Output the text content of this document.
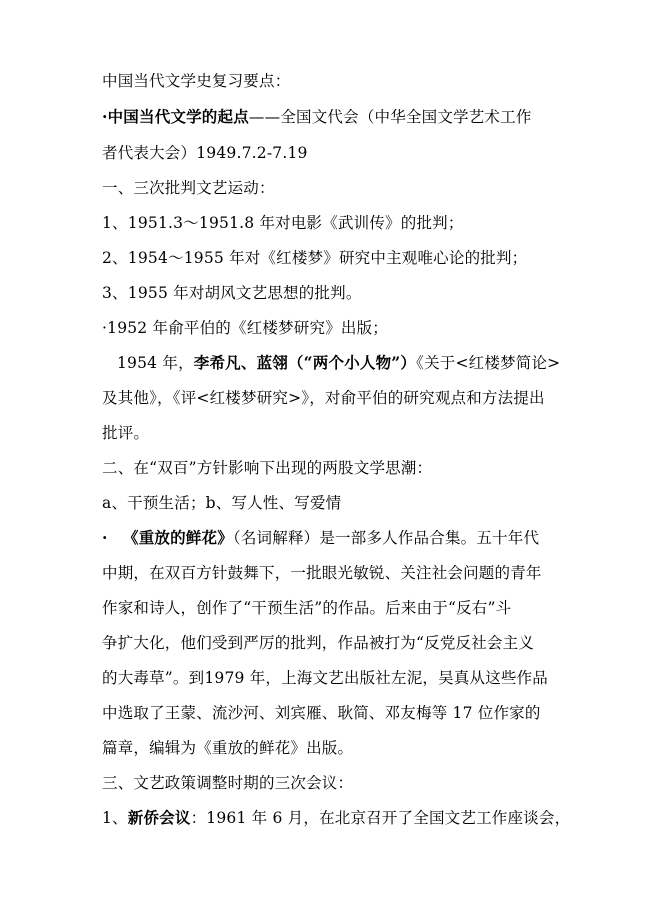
中国当代文学史复习要点：
·中国当代文学的起点——全国文代会（中华全国文学艺术工作
者代表大会）1949.7.2-7.19
一、三次批判文艺运动：
1、1951.3～1951.8 年对电影《武训传》的批判；
2、1954～1955 年对《红楼梦》研究中主观唯心论的批判；
3、1955 年对胡风文艺思想的批判。
·1952 年俞平伯的《红楼梦研究》出版；
1954 年，李希凡、蓝翎（“两个小人物”）《关于<红楼梦简论>
及其他》，《评<红楼梦研究>》，对俞平伯的研究观点和方法提出
批评。
二、在“双百”方针影响下出现的两股文学思潮：
a、干预生活；b、写人性、写爱情
· 《重放的鲜花》（名词解释）是一部多人作品合集。五十年代
中期，在双百方针鼓舞下，一批眼光敏锐、关注社会问题的青年
作家和诗人，创作了“干预生活”的作品。后来由于“反右”斗
争扩大化，他们受到严厉的批判，作品被打为“反党反社会主义
的大毒草”。到1979 年，上海文艺出版社左泥，吴真从这些作品
中选取了王蒙、流沙河、刘宾雁、耿简、邓友梅等 17 位作家的
篇章，编辑为《重放的鲜花》出版。
三、文艺政策调整时期的三次会议：
1、新侨会议：1961 年 6 月，在北京召开了全国文艺工作座谈会，
